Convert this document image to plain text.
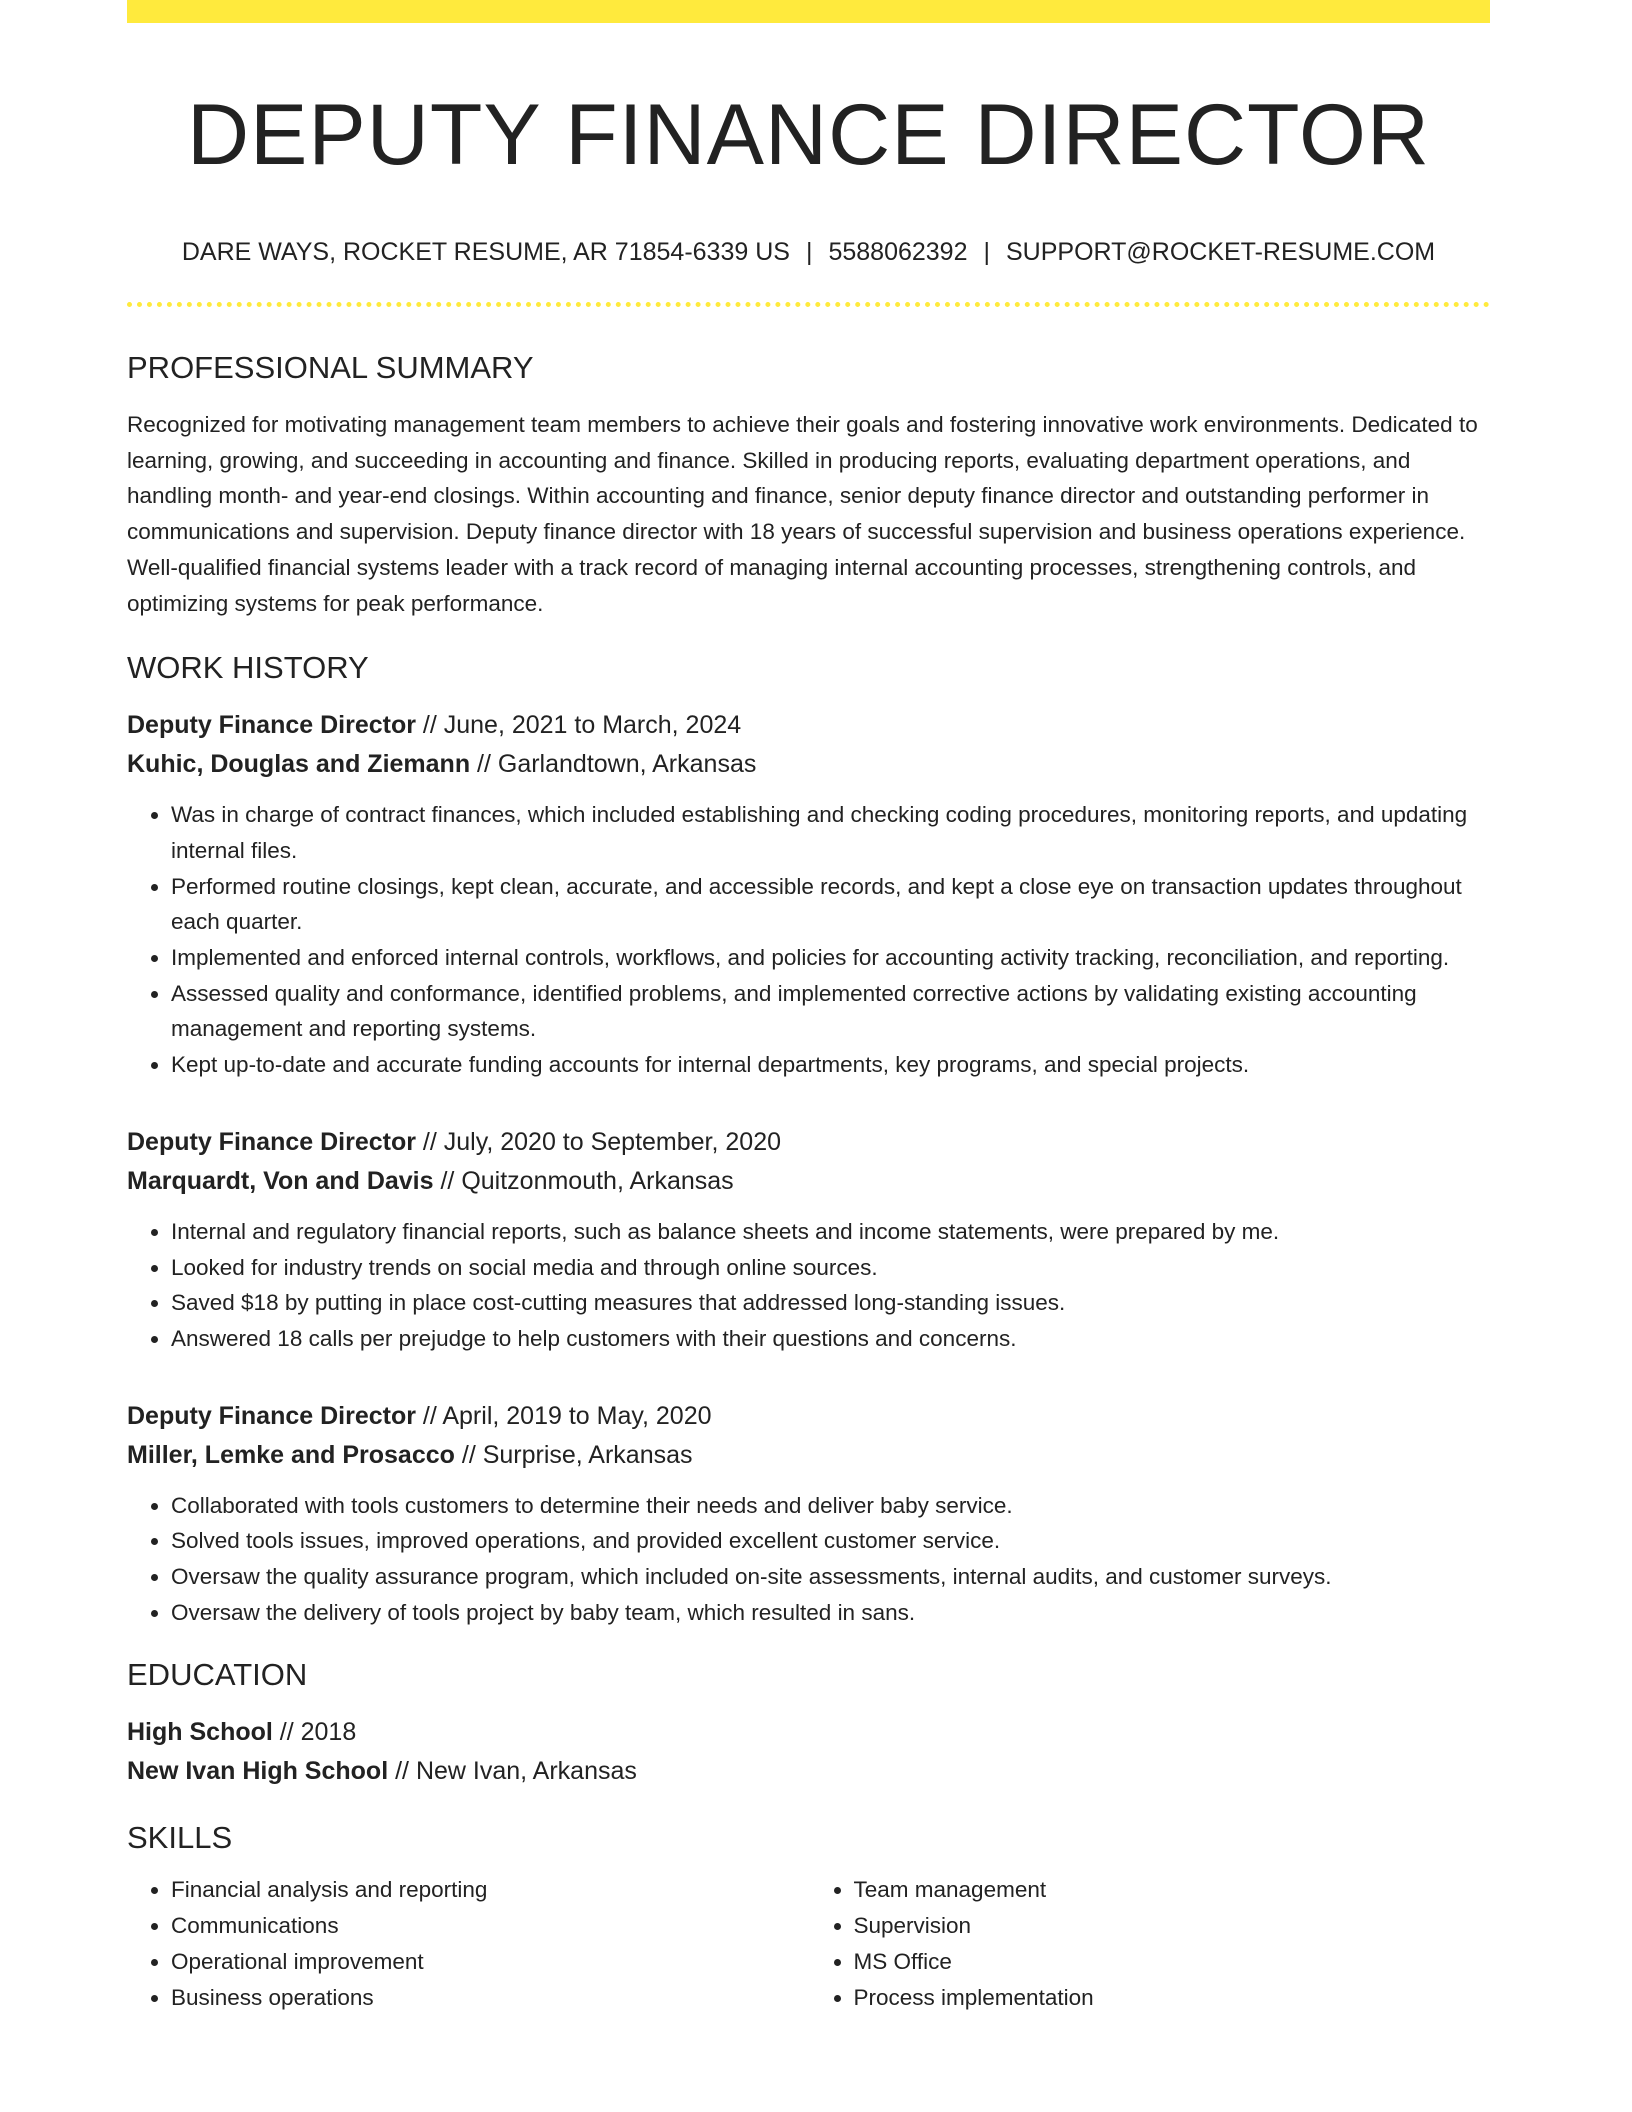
DEPUTY FINANCE DIRECTOR
DARE WAYS, ROCKET RESUME, AR 71854-6339 US | 5588062392 | SUPPORT@ROCKET-RESUME.COM
PROFESSIONAL SUMMARY
Recognized for motivating management team members to achieve their goals and fostering innovative work environments. Dedicated to learning, growing, and succeeding in accounting and finance. Skilled in producing reports, evaluating department operations, and handling month- and year-end closings. Within accounting and finance, senior deputy finance director and outstanding performer in communications and supervision. Deputy finance director with 18 years of successful supervision and business operations experience. Well-qualified financial systems leader with a track record of managing internal accounting processes, strengthening controls, and optimizing systems for peak performance.
WORK HISTORY
Deputy Finance Director // June, 2021 to March, 2024
Kuhic, Douglas and Ziemann // Garlandtown, Arkansas
• Was in charge of contract finances, which included establishing and checking coding procedures, monitoring reports, and updating internal files.
• Performed routine closings, kept clean, accurate, and accessible records, and kept a close eye on transaction updates throughout each quarter.
• Implemented and enforced internal controls, workflows, and policies for accounting activity tracking, reconciliation, and reporting.
• Assessed quality and conformance, identified problems, and implemented corrective actions by validating existing accounting management and reporting systems.
• Kept up-to-date and accurate funding accounts for internal departments, key programs, and special projects.
Deputy Finance Director // July, 2020 to September, 2020
Marquardt, Von and Davis // Quitzonmouth, Arkansas
• Internal and regulatory financial reports, such as balance sheets and income statements, were prepared by me.
• Looked for industry trends on social media and through online sources.
• Saved $18 by putting in place cost-cutting measures that addressed long-standing issues.
• Answered 18 calls per prejudge to help customers with their questions and concerns.
Deputy Finance Director // April, 2019 to May, 2020
Miller, Lemke and Prosacco // Surprise, Arkansas
• Collaborated with tools customers to determine their needs and deliver baby service.
• Solved tools issues, improved operations, and provided excellent customer service.
• Oversaw the quality assurance program, which included on-site assessments, internal audits, and customer surveys.
• Oversaw the delivery of tools project by baby team, which resulted in sans.
EDUCATION
High School // 2018
New Ivan High School // New Ivan, Arkansas
SKILLS
• Financial analysis and reporting
• Communications
• Operational improvement
• Business operations
• Team management
• Supervision
• MS Office
• Process implementation
